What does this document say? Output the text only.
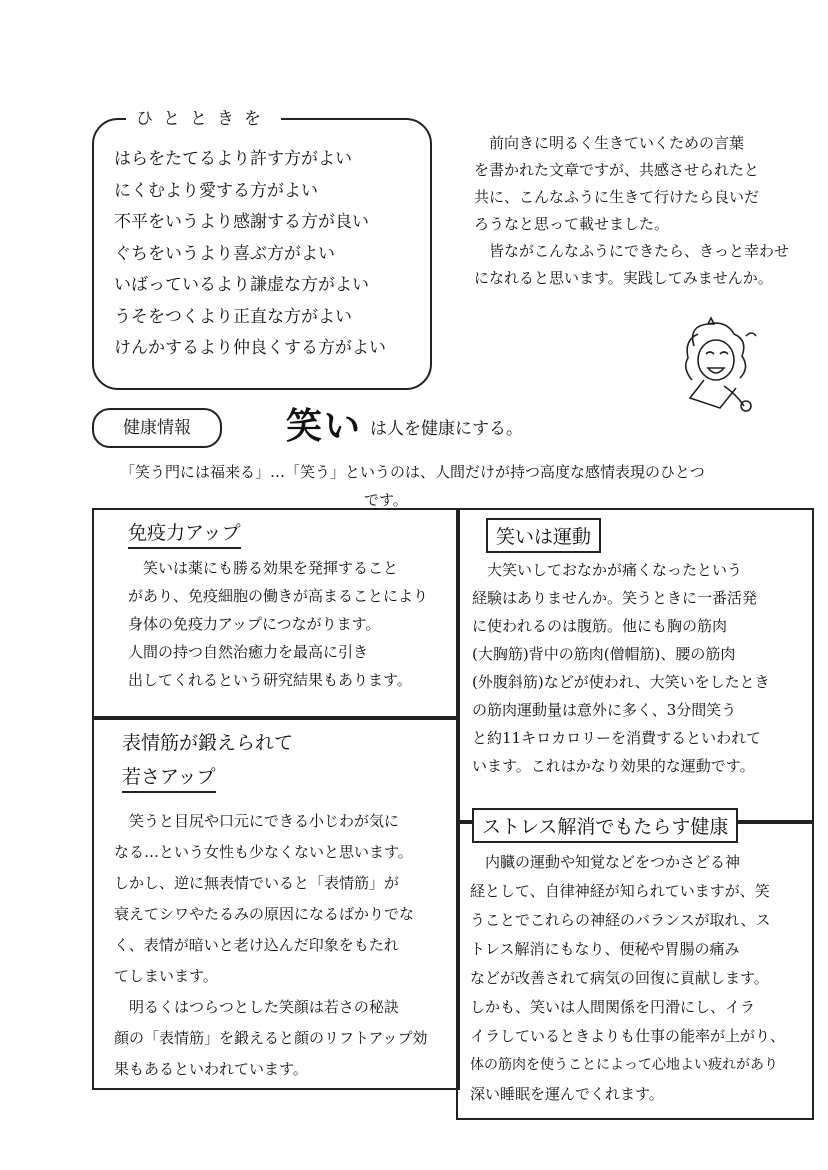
ひとときを
はらをたてるより許す方がよい
にくむより愛する方がよい
不平をいうより感謝する方が良い
ぐちをいうより喜ぶ方がよい
いばっているより謙虚な方がよい
うそをつくより正直な方がよい
けんかするより仲良くする方がよい
　前向きに明るく生きていくための言葉
を書かれた文章ですが、共感させられたと
共に、こんなふうに生きて行けたら良いだ
ろうなと思って載せました。
　皆ながこんなふうにできたら、きっと幸わせ
になれると思います。実践してみませんか。
健康情報	笑い は人を健康にする。
「笑う門には福来る」…「笑う」というのは、人間だけが持つ高度な感情表現のひとつ
です。
免疫力アップ
　笑いは薬にも勝る効果を発揮すること
があり、免疫細胞の働きが高まることにより
身体の免疫力アップにつながります。
人間の持つ自然治癒力を最高に引き
出してくれるという研究結果もあります。
笑いは運動
　大笑いしておなかが痛くなったという
経験はありませんか。笑うときに一番活発
に使われるのは腹筋。他にも胸の筋肉
(大胸筋)背中の筋肉(僧帽筋)、腰の筋肉
(外腹斜筋)などが使われ、大笑いをしたとき
の筋肉運動量は意外に多く、3分間笑う
と約11キロカロリーを消費するといわれて
います。これはかなり効果的な運動です。
表情筋が鍛えられて
若さアップ
　笑うと目尻や口元にできる小じわが気に
なる…という女性も少なくないと思います。
しかし、逆に無表情でいると「表情筋」が
衰えてシワやたるみの原因になるばかりでな
く、表情が暗いと老け込んだ印象をもたれ
てしまいます。
　明るくはつらつとした笑顔は若さの秘訣
顔の「表情筋」を鍛えると顔のリフトアップ効
果もあるといわれています。
ストレス解消でもたらす健康
　内臓の運動や知覚などをつかさどる神
経として、自律神経が知られていますが、笑
うことでこれらの神経のバランスが取れ、ス
トレス解消にもなり、便秘や胃腸の痛み
などが改善されて病気の回復に貢献します。
しかも、笑いは人間関係を円滑にし、イラ
イラしているときよりも仕事の能率が上がり、
体の筋肉を使うことによって心地よい疲れがあり
深い睡眠を運んでくれます。
